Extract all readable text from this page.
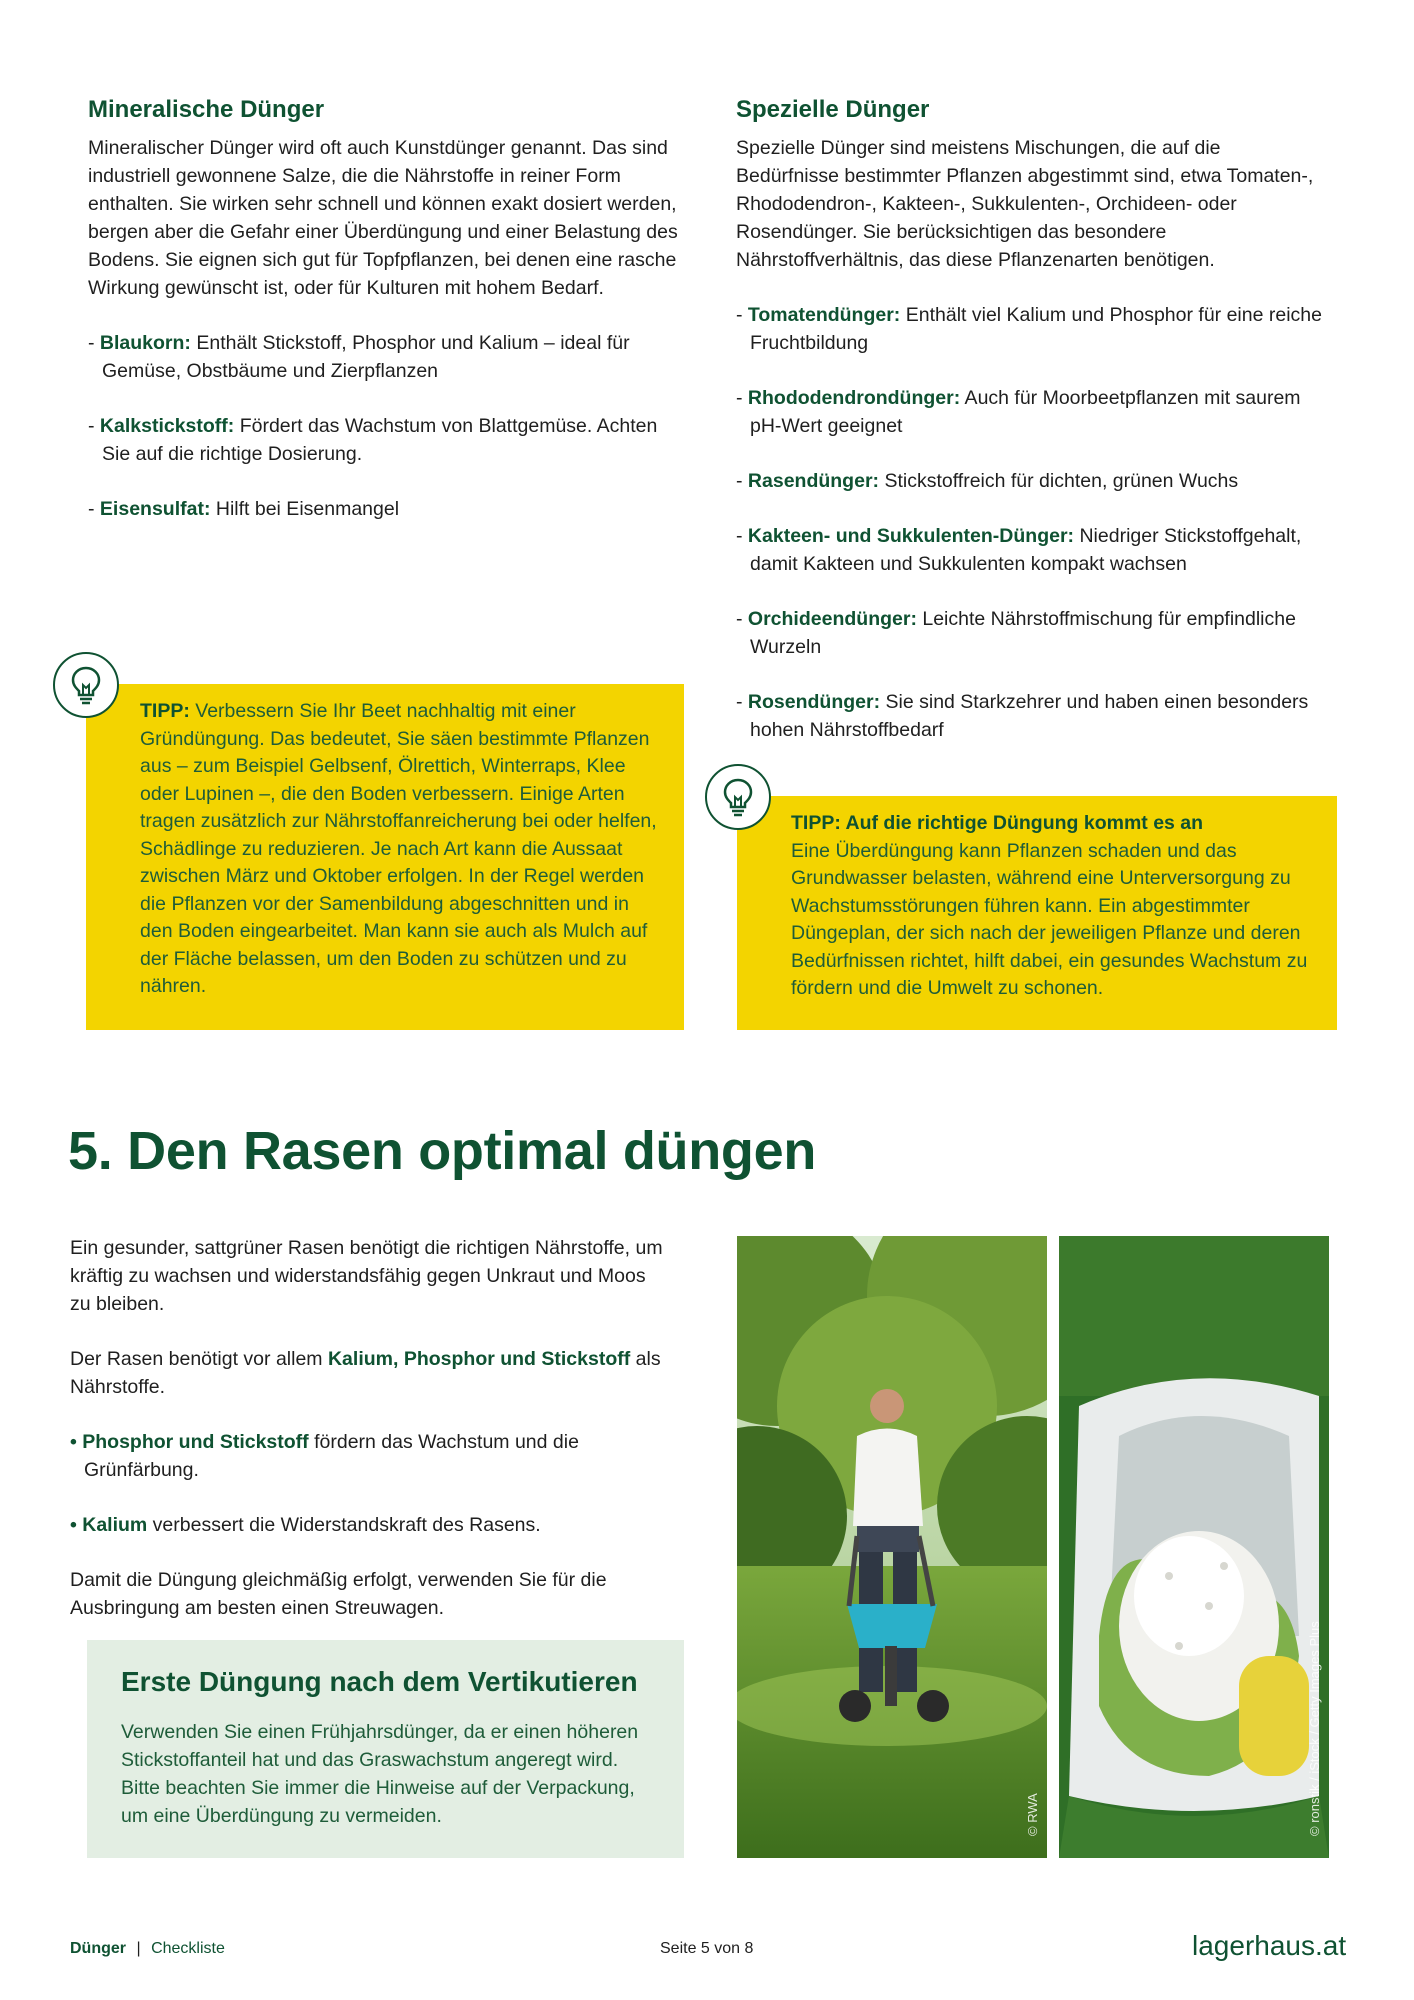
Mineralische Dünger

Mineralischer Dünger wird oft auch Kunstdünger genannt. Das sind industriell gewonnene Salze, die die Nährstoffe in reiner Form enthalten. Sie wirken sehr schnell und können exakt dosiert werden, bergen aber die Gefahr einer Überdüngung und einer Belastung des Bodens. Sie eignen sich gut für Topfpflanzen, bei denen eine rasche Wirkung gewünscht ist, oder für Kulturen mit hohem Bedarf.

- Blaukorn: Enthält Stickstoff, Phosphor und Kalium – ideal für Gemüse, Obstbäume und Zierpflanzen

- Kalkstickstoff: Fördert das Wachstum von Blattgemüse. Achten Sie auf die richtige Dosierung.

- Eisensulfat: Hilft bei Eisenmangel

Spezielle Dünger

Spezielle Dünger sind meistens Mischungen, die auf die Bedürfnisse bestimmter Pflanzen abgestimmt sind, etwa Tomaten-, Rhododendron-, Kakteen-, Sukkulenten-, Orchideen- oder Rosendünger. Sie berücksichtigen das besondere Nährstoffverhältnis, das diese Pflanzenarten benötigen.

- Tomatendünger: Enthält viel Kalium und Phosphor für eine reiche Fruchtbildung

- Rhododendrondünger: Auch für Moorbeetpflanzen mit saurem pH-Wert geeignet

- Rasendünger: Stickstoffreich für dichten, grünen Wuchs

- Kakteen- und Sukkulenten-Dünger: Niedriger Stickstoffgehalt, damit Kakteen und Sukkulenten kompakt wachsen

- Orchideendünger: Leichte Nährstoffmischung für empfindliche Wurzeln

- Rosendünger: Sie sind Starkzehrer und haben einen besonders hohen Nährstoffbedarf

TIPP: Verbessern Sie Ihr Beet nachhaltig mit einer Gründüngung. Das bedeutet, Sie säen bestimmte Pflanzen aus – zum Beispiel Gelbsenf, Ölrettich, Winterraps, Klee oder Lupinen –, die den Boden verbessern. Einige Arten tragen zusätzlich zur Nährstoffanreicherung bei oder helfen, Schädlinge zu reduzieren. Je nach Art kann die Aussaat zwischen März und Oktober erfolgen. In der Regel werden die Pflanzen vor der Samenbildung abgeschnitten und in den Boden eingearbeitet. Man kann sie auch als Mulch auf der Fläche belassen, um den Boden zu schützen und zu nähren.
TIPP: Auf die richtige Düngung kommt es an
Eine Überdüngung kann Pflanzen schaden und das Grundwasser belasten, während eine Unterversorgung zu Wachstumsstörungen führen kann. Ein abgestimmter Düngeplan, der sich nach der jeweiligen Pflanze und deren Bedürfnissen richtet, hilft dabei, ein gesundes Wachstum zu fördern und die Umwelt zu schonen.
5. Den Rasen optimal düngen

Ein gesunder, sattgrüner Rasen benötigt die richtigen Nährstoffe, um kräftig zu wachsen und widerstandsfähig gegen Unkraut und Moos zu bleiben.

Der Rasen benötigt vor allem Kalium, Phosphor und Stickstoff als Nährstoffe.

• Phosphor und Stickstoff fördern das Wachstum und die Grünfärbung.

• Kalium verbessert die Widerstandskraft des Rasens.

Damit die Düngung gleichmäßig erfolgt, verwenden Sie für die Ausbringung am besten einen Streuwagen.

Erste Düngung nach dem Vertikutieren

Verwenden Sie einen Frühjahrsdünger, da er einen höheren Stickstoffanteil hat und das Graswachstum angeregt wird. Bitte beachten Sie immer die Hinweise auf der Verpackung, um eine Überdüngung zu vermeiden.	© RWA	© ronstik / iStock / Getty Images Plus
Dünger | Checkliste	Seite 5 von 8	lagerhaus.at
